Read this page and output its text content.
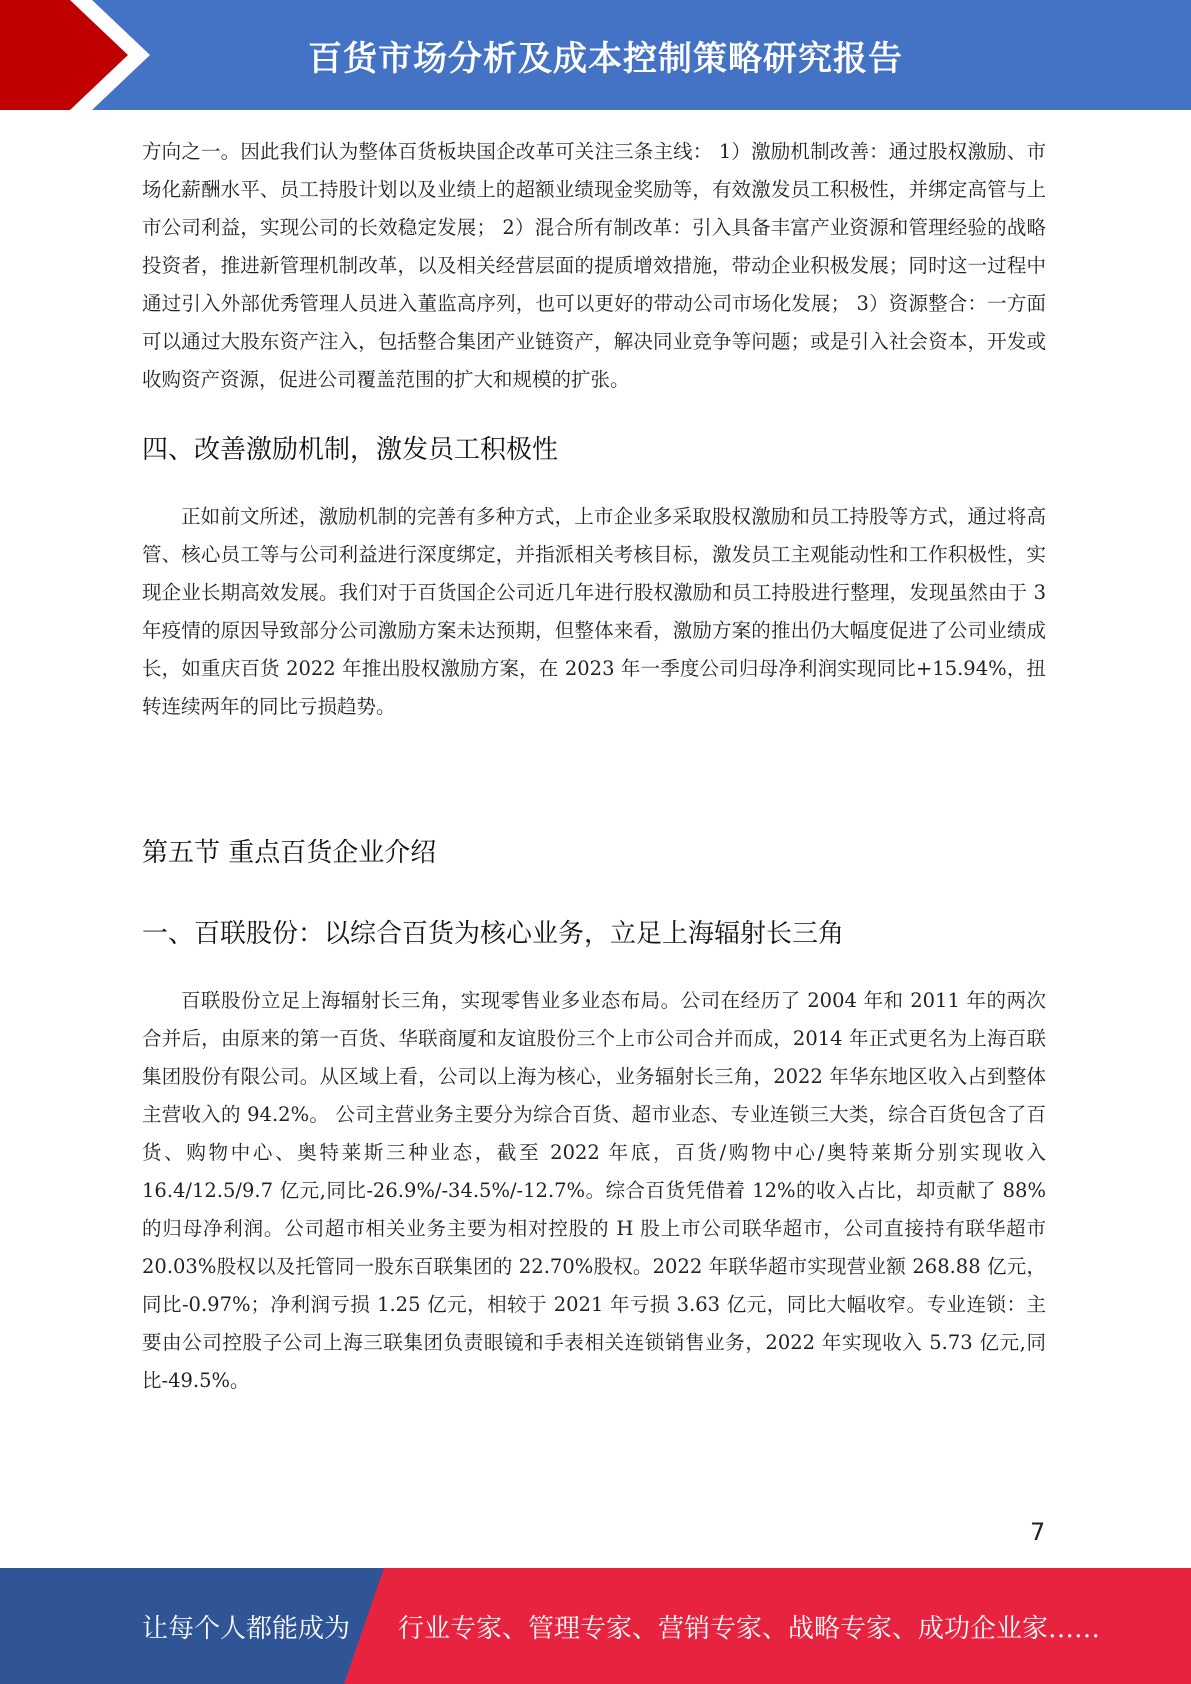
百货市场分析及成本控制策略研究报告

方向之一。因此我们认为整体百货板块国企改革可关注三条主线： 1）激励机制改善：通过股权激励、市场化薪酬水平、员工持股计划以及业绩上的超额业绩现金奖励等，有效激发员工积极性，并绑定高管与上市公司利益，实现公司的长效稳定发展； 2）混合所有制改革：引入具备丰富产业资源和管理经验的战略投资者，推进新管理机制改革，以及相关经营层面的提质增效措施，带动企业积极发展；同时这一过程中通过引入外部优秀管理人员进入董监高序列，也可以更好的带动公司市场化发展； 3）资源整合：一方面可以通过大股东资产注入，包括整合集团产业链资产，解决同业竞争等问题；或是引入社会资本，开发或收购资产资源，促进公司覆盖范围的扩大和规模的扩张。

四、改善激励机制，激发员工积极性

正如前文所述，激励机制的完善有多种方式，上市企业多采取股权激励和员工持股等方式，通过将高管、核心员工等与公司利益进行深度绑定，并指派相关考核目标，激发员工主观能动性和工作积极性，实现企业长期高效发展。我们对于百货国企公司近几年进行股权激励和员工持股进行整理，发现虽然由于 3 年疫情的原因导致部分公司激励方案未达预期，但整体来看，激励方案的推出仍大幅度促进了公司业绩成长，如重庆百货 2022 年推出股权激励方案，在 2023 年一季度公司归母净利润实现同比+15.94%，扭转连续两年的同比亏损趋势。

第五节 重点百货企业介绍
一、百联股份：以综合百货为核心业务，立足上海辐射长三角

百联股份立足上海辐射长三角，实现零售业多业态布局。公司在经历了 2004 年和 2011 年的两次合并后，由原来的第一百货、华联商厦和友谊股份三个上市公司合并而成，2014 年正式更名为上海百联集团股份有限公司。从区域上看，公司以上海为核心，业务辐射长三角，2022 年华东地区收入占到整体主营收入的 94.2%。 公司主营业务主要分为综合百货、超市业态、专业连锁三大类，综合百货包含了百货、购物中心、奥特莱斯三种业态，截至 2022 年底，百货/购物中心/奥特莱斯分别实现收入 16.4/12.5/9.7 亿元,同比-26.9%/-34.5%/-12.7%。综合百货凭借着 12%的收入占比，却贡献了 88%的归母净利润。公司超市相关业务主要为相对控股的 H 股上市公司联华超市，公司直接持有联华超市 20.03%股权以及托管同一股东百联集团的 22.70%股权。2022 年联华超市实现营业额 268.88 亿元，同比-0.97%；净利润亏损 1.25 亿元，相较于 2021 年亏损 3.63 亿元，同比大幅收窄。专业连锁：主要由公司控股子公司上海三联集团负责眼镜和手表相关连锁销售业务，2022 年实现收入 5.73 亿元,同比-49.5%。

7
让每个人都能成为 行业专家、管理专家、营销专家、战略专家、成功企业家……
